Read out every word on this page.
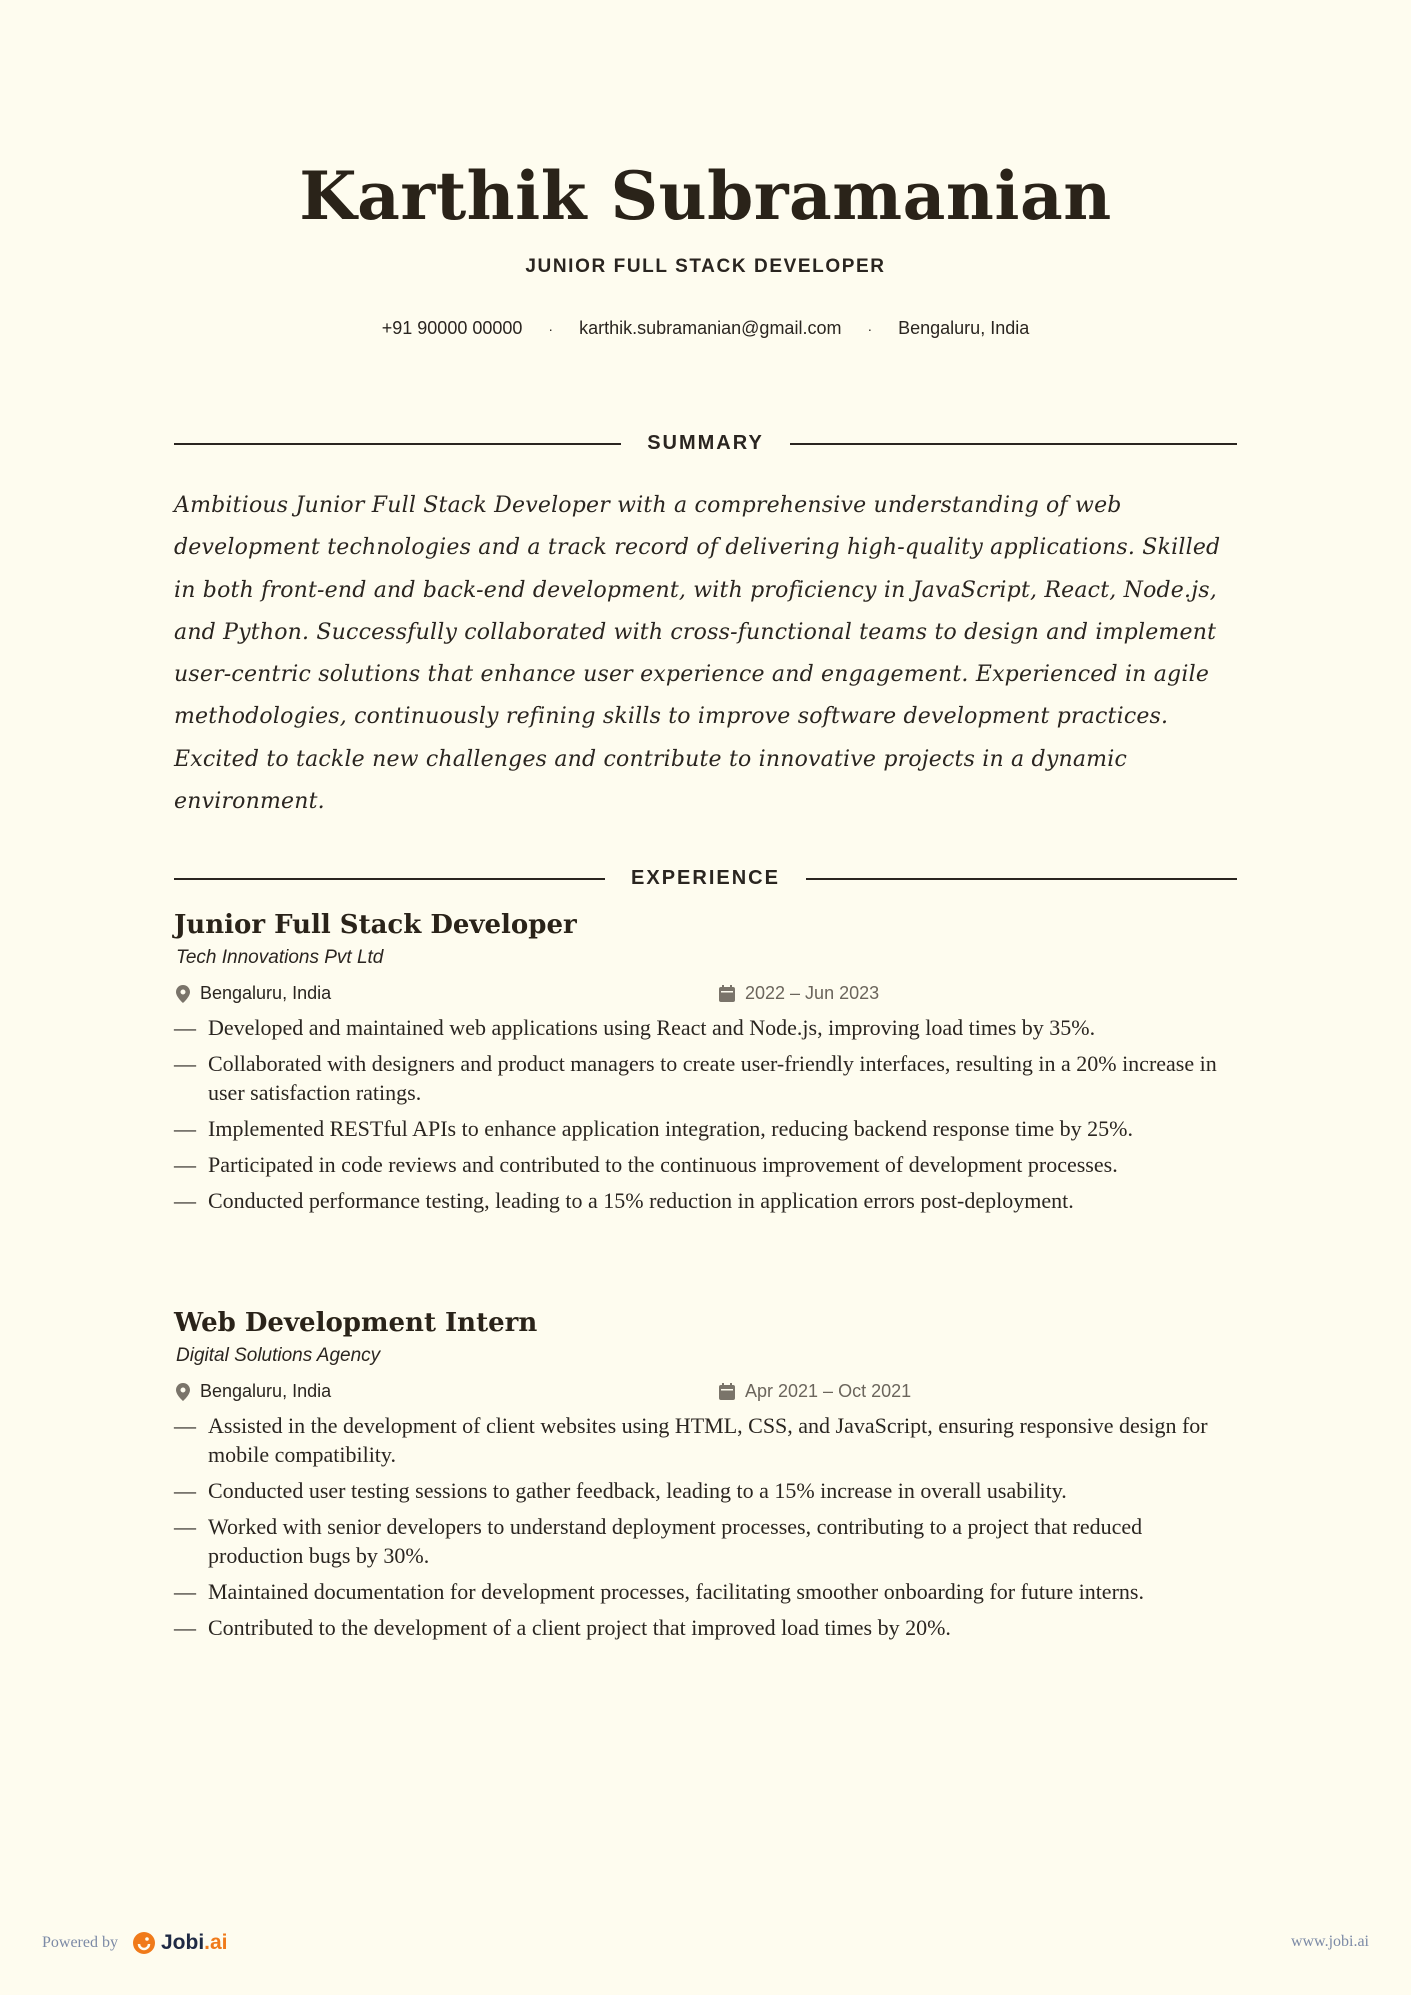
Karthik Subramanian
JUNIOR FULL STACK DEVELOPER
+91 90000 00000 · karthik.subramanian@gmail.com · Bengaluru, India
SUMMARY
Ambitious Junior Full Stack Developer with a comprehensive understanding of web
development technologies and a track record of delivering high-quality applications. Skilled
in both front-end and back-end development, with proficiency in JavaScript, React, Node.js,
and Python. Successfully collaborated with cross-functional teams to design and implement
user-centric solutions that enhance user experience and engagement. Experienced in agile
methodologies, continuously refining skills to improve software development practices.
Excited to tackle new challenges and contribute to innovative projects in a dynamic
environment.
EXPERIENCE
Junior Full Stack Developer
Tech Innovations Pvt Ltd
Bengaluru, India	2022 – Jun 2023
— Developed and maintained web applications using React and Node.js, improving load times by 35%.
— Collaborated with designers and product managers to create user-friendly interfaces, resulting in a 20% increase in user satisfaction ratings.
— Implemented RESTful APIs to enhance application integration, reducing backend response time by 25%.
— Participated in code reviews and contributed to the continuous improvement of development processes.
— Conducted performance testing, leading to a 15% reduction in application errors post-deployment.
Web Development Intern
Digital Solutions Agency
Bengaluru, India	Apr 2021 – Oct 2021
— Assisted in the development of client websites using HTML, CSS, and JavaScript, ensuring responsive design for mobile compatibility.
— Conducted user testing sessions to gather feedback, leading to a 15% increase in overall usability.
— Worked with senior developers to understand deployment processes, contributing to a project that reduced production bugs by 30%.
— Maintained documentation for development processes, facilitating smoother onboarding for future interns.
— Contributed to the development of a client project that improved load times by 20%.
Powered by Jobi .ai	www.jobi.ai
